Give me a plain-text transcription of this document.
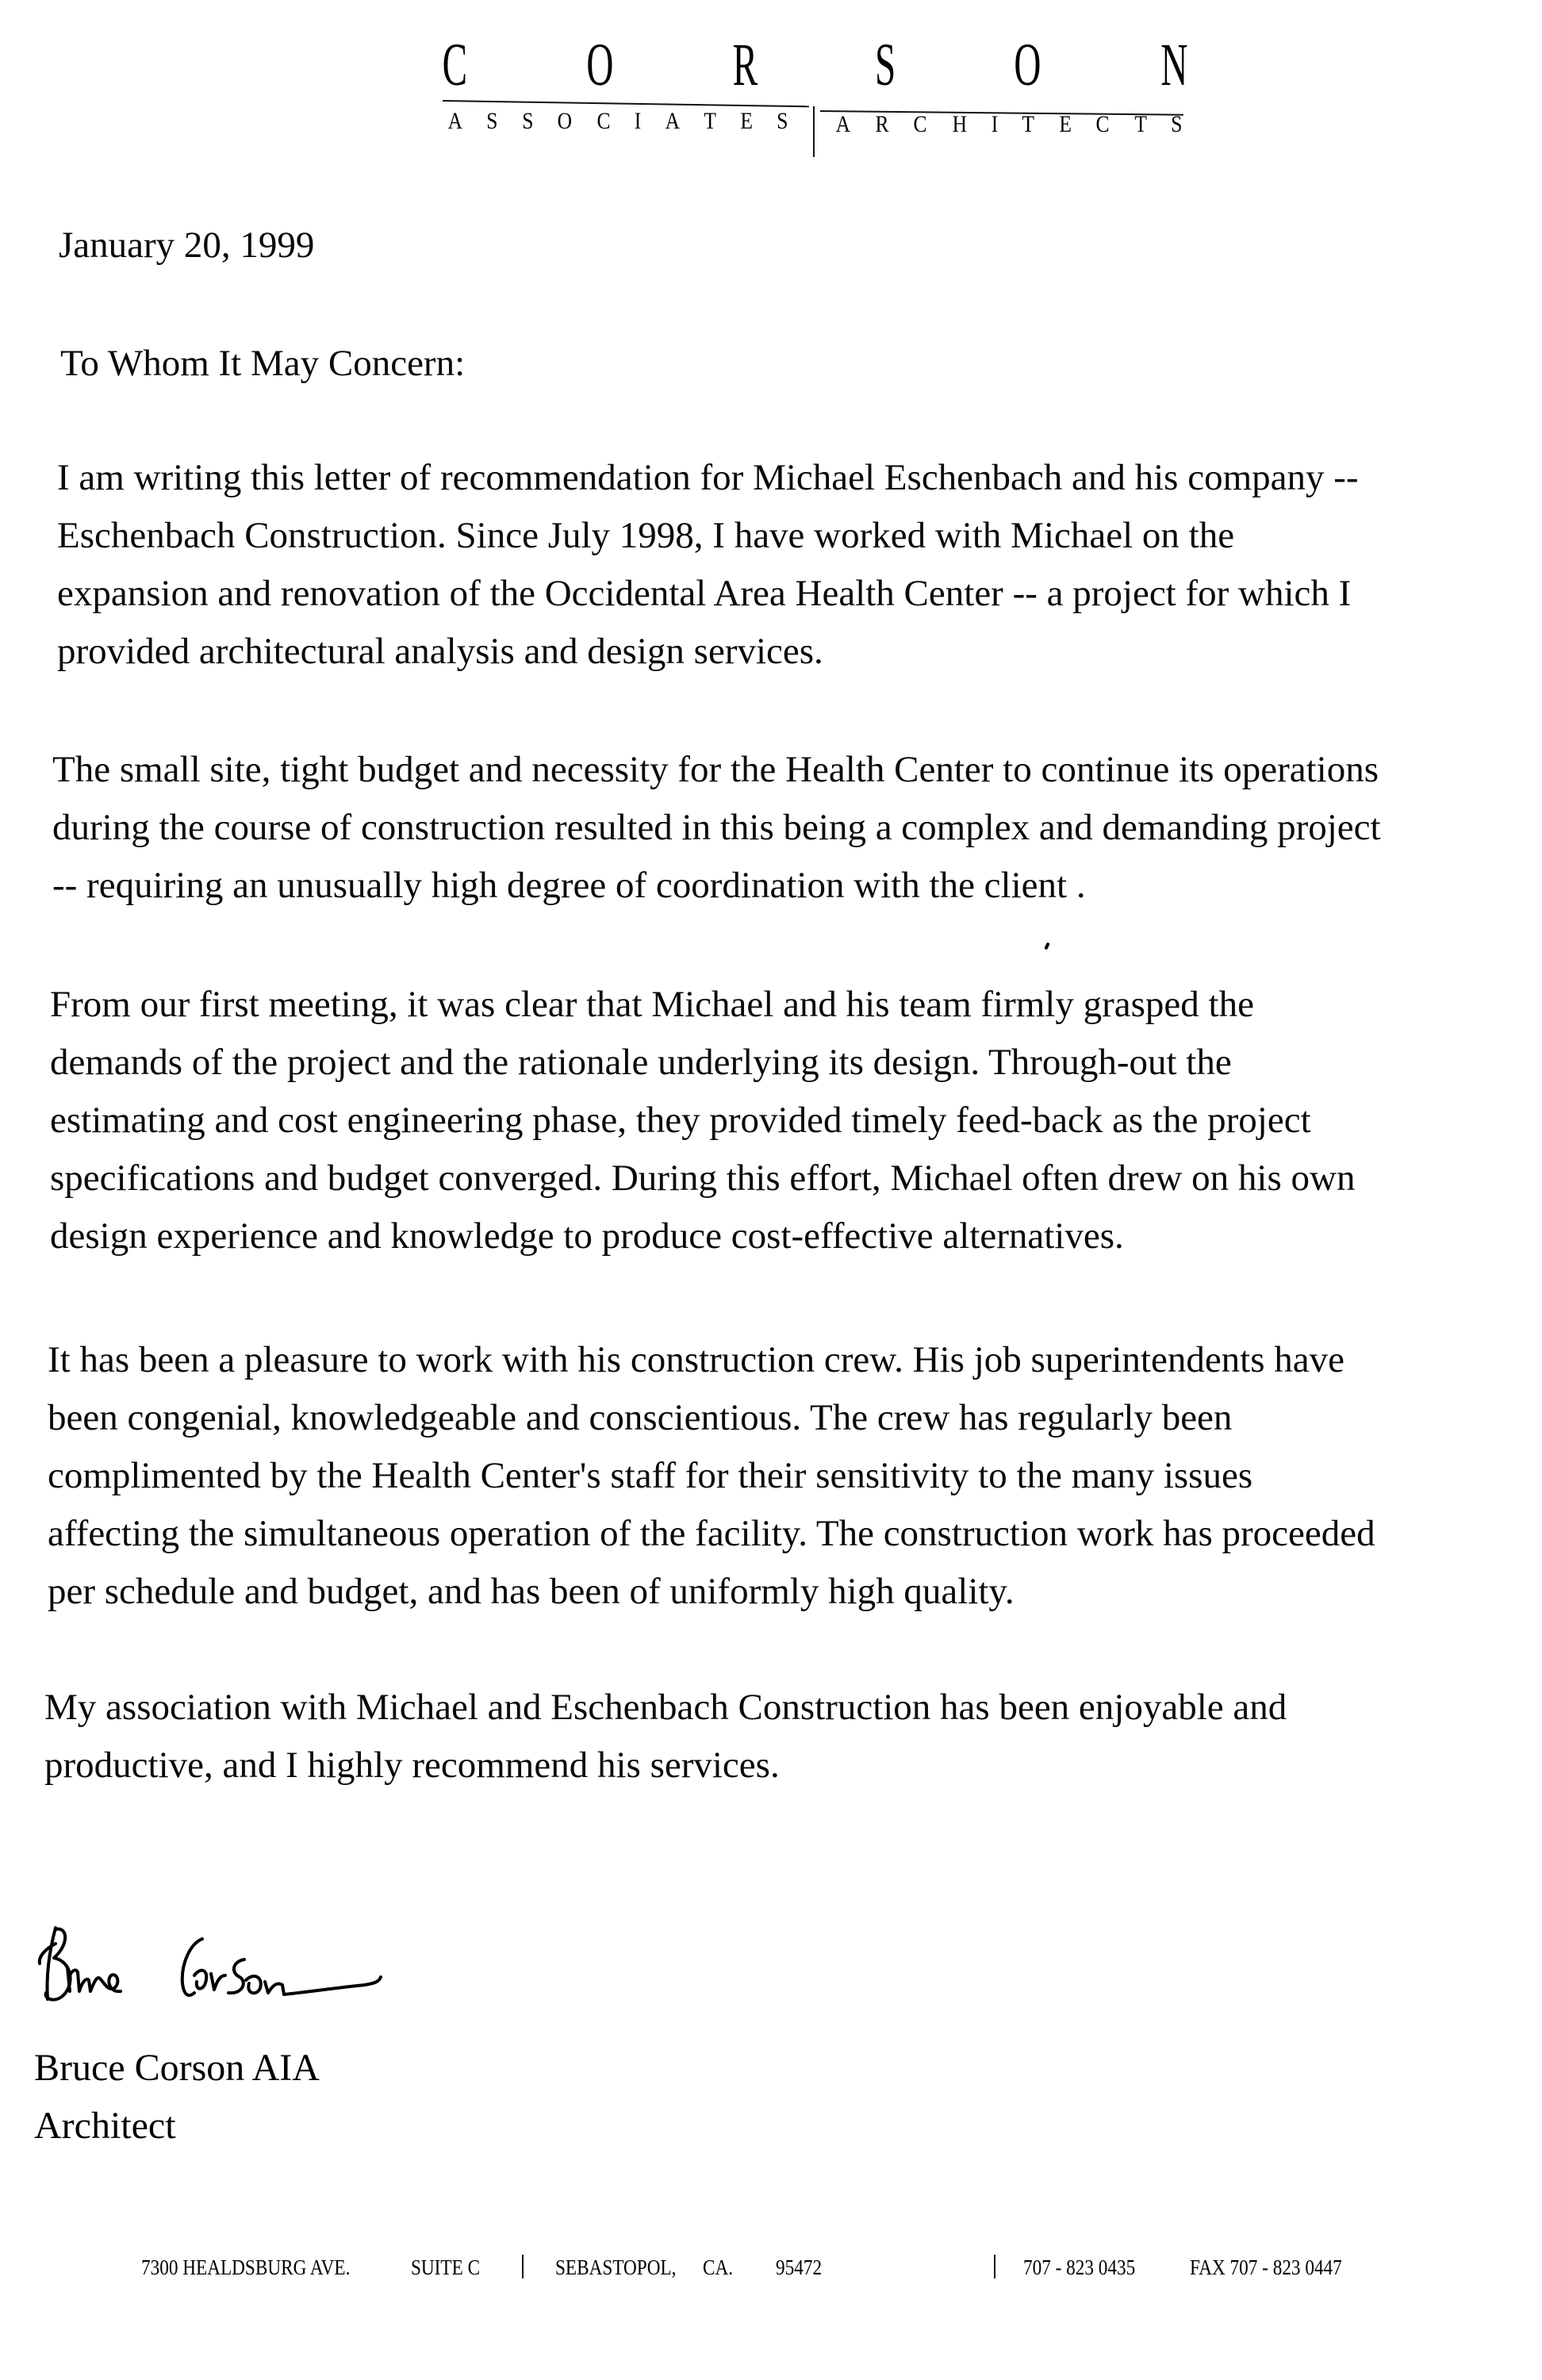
C O R S O N
A S S O C I A T E S A R C H I T E C T S
January 20, 1999
To Whom It May Concern:
I am writing this letter of recommendation for Michael Eschenbach and his company --
Eschenbach Construction. Since July 1998, I have worked with Michael on the
expansion and renovation of the Occidental Area Health Center -- a project for which I
provided architectural analysis and design services.
The small site, tight budget and necessity for the Health Center to continue its operations
during the course of construction resulted in this being a complex and demanding project
-- requiring an unusually high degree of coordination with the client .
From our first meeting, it was clear that Michael and his team firmly grasped the
demands of the project and the rationale underlying its design. Through-out the
estimating and cost engineering phase, they provided timely feed-back as the project
specifications and budget converged. During this effort, Michael often drew on his own
design experience and knowledge to produce cost-effective alternatives.
It has been a pleasure to work with his construction crew. His job superintendents have
been congenial, knowledgeable and conscientious. The crew has regularly been
complimented by the Health Center's staff for their sensitivity to the many issues
affecting the simultaneous operation of the facility. The construction work has proceeded
per schedule and budget, and has been of uniformly high quality.
My association with Michael and Eschenbach Construction has been enjoyable and
productive, and I highly recommend his services.
Bruce Corson AIA
Architect
7300 HEALDSBURG AVE.	SUITE C	SEBASTOPOL, CA. 95472	707 - 823 0435	FAX 707 - 823 0447
